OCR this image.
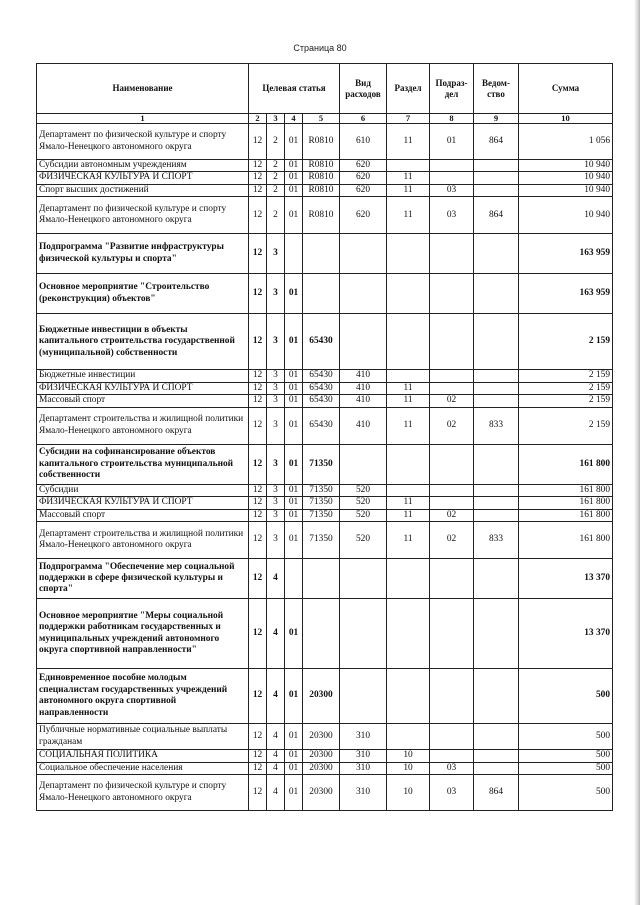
Страница 80
Наименование	Целевая статья				Вид расходов	Раздел	Подраз-дел	Ведом-ство	Сумма
1	2	3	4	5	6	7	8	9	10
Департамент по физической культуре и спорту Ямало-Ненецкого автономного округа	12	2	01	R0810	610	11	01	864	1 056
Субсидии автономным учреждениям	12	2	01	R0810	620				10 940
ФИЗИЧЕСКАЯ КУЛЬТУРА И СПОРТ	12	2	01	R0810	620	11			10 940
Спорт высших достижений	12	2	01	R0810	620	11	03		10 940
Департамент по физической культуре и спорту Ямало-Ненецкого автономного округа	12	2	01	R0810	620	11	03	864	10 940
Подпрограмма "Развитие инфраструктуры физической культуры и спорта"	12	3							163 959
Основное мероприятие "Строительство (реконструкция) объектов"	12	3	01						163 959
Бюджетные инвестиции в объекты капитального строительства государственной (муниципальной) собственности	12	3	01	65430					2 159
Бюджетные инвестиции	12	3	01	65430	410				2 159
ФИЗИЧЕСКАЯ КУЛЬТУРА И СПОРТ	12	3	01	65430	410	11			2 159
Массовый спорт	12	3	01	65430	410	11	02		2 159
Департамент строительства и жилищной политики Ямало-Ненецкого автономного округа	12	3	01	65430	410	11	02	833	2 159
Субсидии на софинансирование объектов капитального строительства муниципальной собственности	12	3	01	71350					161 800
Субсидии	12	3	01	71350	520				161 800
ФИЗИЧЕСКАЯ КУЛЬТУРА И СПОРТ	12	3	01	71350	520	11			161 800
Массовый спорт	12	3	01	71350	520	11	02		161 800
Департамент строительства и жилищной политики Ямало-Ненецкого автономного округа	12	3	01	71350	520	11	02	833	161 800
Подпрограмма "Обеспечение мер социальной поддержки в сфере физической культуры и спорта"	12	4							13 370
Основное мероприятие "Меры социальной поддержки работникам государственных и муниципальных учреждений автономного округа спортивной направленности"	12	4	01						13 370
Единовременное пособие молодым специалистам государственных учреждений автономного округа спортивной направленности	12	4	01	20300					500
Публичные нормативные социальные выплаты гражданам	12	4	01	20300	310				500
СОЦИАЛЬНАЯ ПОЛИТИКА	12	4	01	20300	310	10			500
Социальное обеспечение населения	12	4	01	20300	310	10	03		500
Департамент по физической культуре и спорту Ямало-Ненецкого автономного округа	12	4	01	20300	310	10	03	864	500
